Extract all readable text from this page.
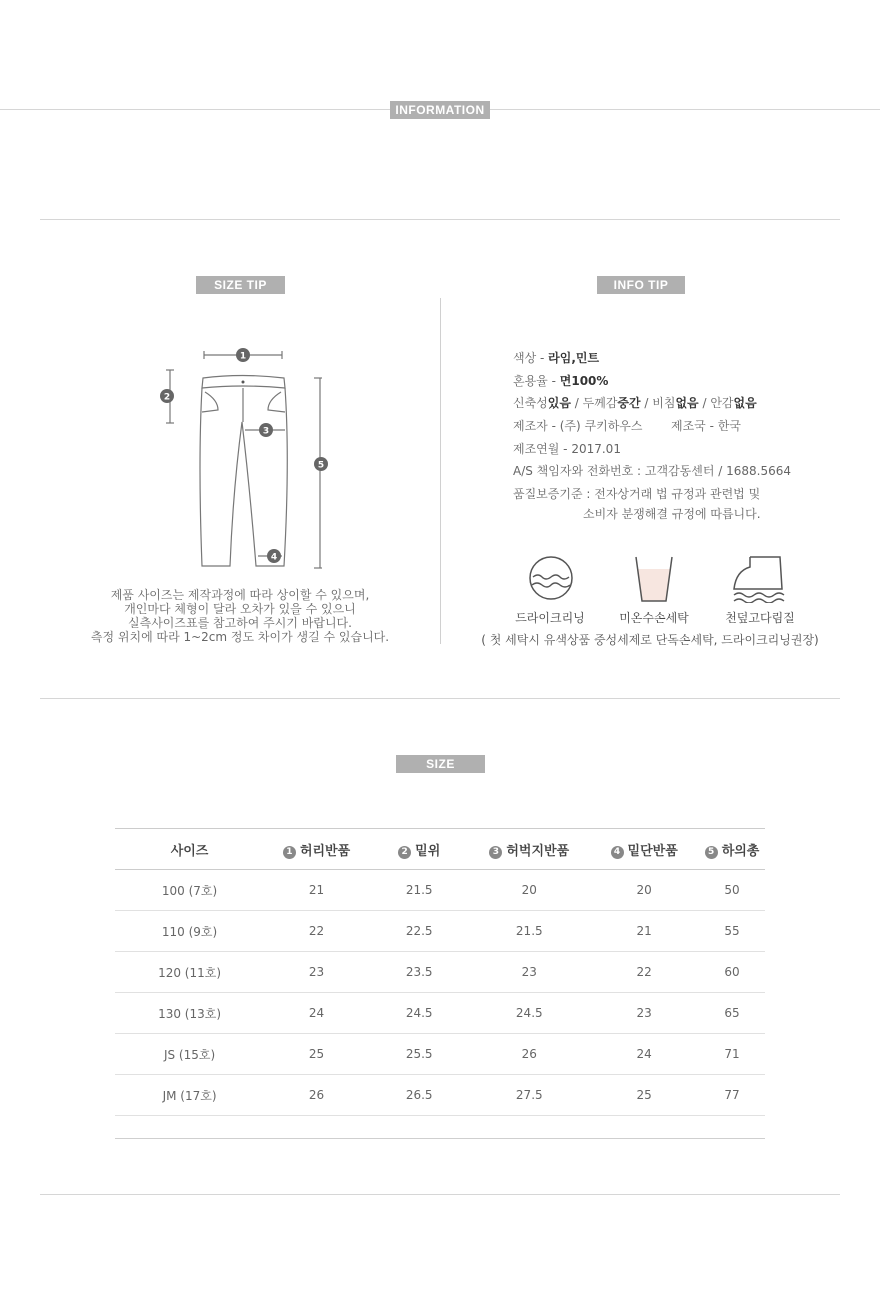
INFORMATION
SIZE TIP	INFO TIP
1
2
3
4
5
제품 사이즈는 제작과정에 따라 상이할 수 있으며,
개인마다 체형이 달라 오차가 있을 수 있으니
실측사이즈표를 참고하여 주시기 바랍니다.
측정 위치에 따라 1~2cm 정도 차이가 생길 수 있습니다.
색상 - 라임,민트
혼용율 - 면100%
신축성있음 / 두께감중간 / 비침없음 / 안감없음
제조자 - (주) 쿠키하우스 제조국 - 한국
제조연월 - 2017.01
A/S 책임자와 전화번호 : 고객감동센터 / 1688.5664
품질보증기준 : 전자상거래 법 규정과 관련법 및
소비자 분쟁해결 규정에 따릅니다.
드라이크리닝	미온수손세탁	천덮고다림질
( 첫 세탁시 유색상품 중성세제로 단독손세탁, 드라이크리닝권장)
SIZE
사이즈	1 허리반품	2 밑위	3 허벅지반품	4 밑단반품	5 하의총
100 (7호)	21	21.5	20	20	50
110 (9호)	22	22.5	21.5	21	55
120 (11호)	23	23.5	23	22	60
130 (13호)	24	24.5	24.5	23	65
JS (15호)	25	25.5	26	24	71
JM (17호)	26	26.5	27.5	25	77
